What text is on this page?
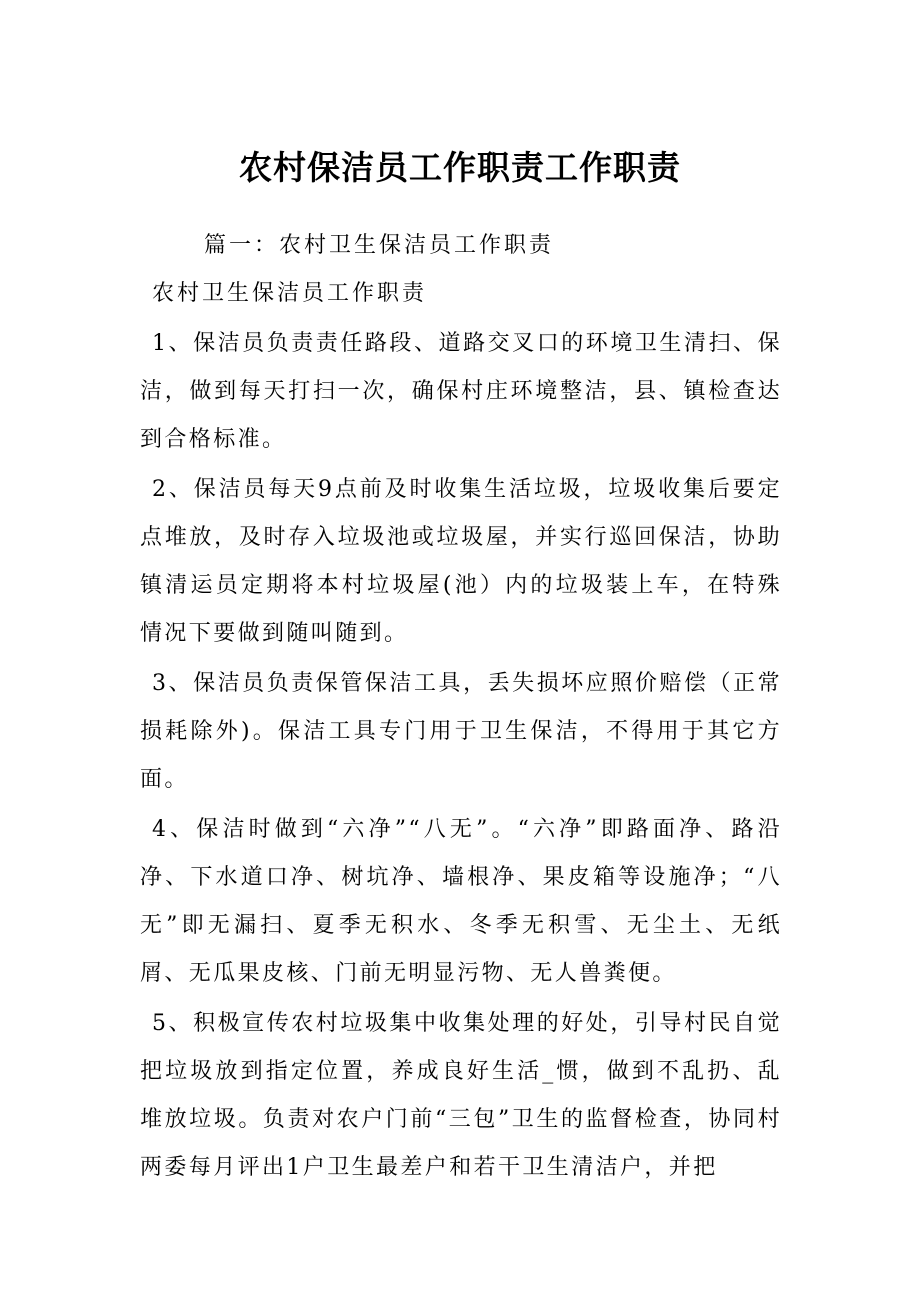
农村保洁员工作职责工作职责

篇一：农村卫生保洁员工作职责

农村卫生保洁员工作职责

1、保洁员负责责任路段、道路交叉口的环境卫生清扫、保洁，做到每天打扫一次，确保村庄环境整洁，县、镇检查达到合格标准。

2、保洁员每天9点前及时收集生活垃圾，垃圾收集后要定点堆放，及时存入垃圾池或垃圾屋，并实行巡回保洁，协助镇清运员定期将本村垃圾屋(池）内的垃圾装上车，在特殊情况下要做到随叫随到。

3、保洁员负责保管保洁工具，丢失损坏应照价赔偿（正常损耗除外)。保洁工具专门用于卫生保洁，不得用于其它方面。

4、保洁时做到“六净”“八无”。“六净”即路面净、路沿净、下水道口净、树坑净、墙根净、果皮箱等设施净；“八无”即无漏扫、夏季无积水、冬季无积雪、无尘土、无纸屑、无瓜果皮核、门前无明显污物、无人兽粪便。

5、积极宣传农村垃圾集中收集处理的好处，引导村民自觉把垃圾放到指定位置，养成良好生活_惯，做到不乱扔、乱堆放垃圾。负责对农户门前“三包”卫生的监督检查，协同村两委每月评出1户卫生最差户和若干卫生清洁户，并把
